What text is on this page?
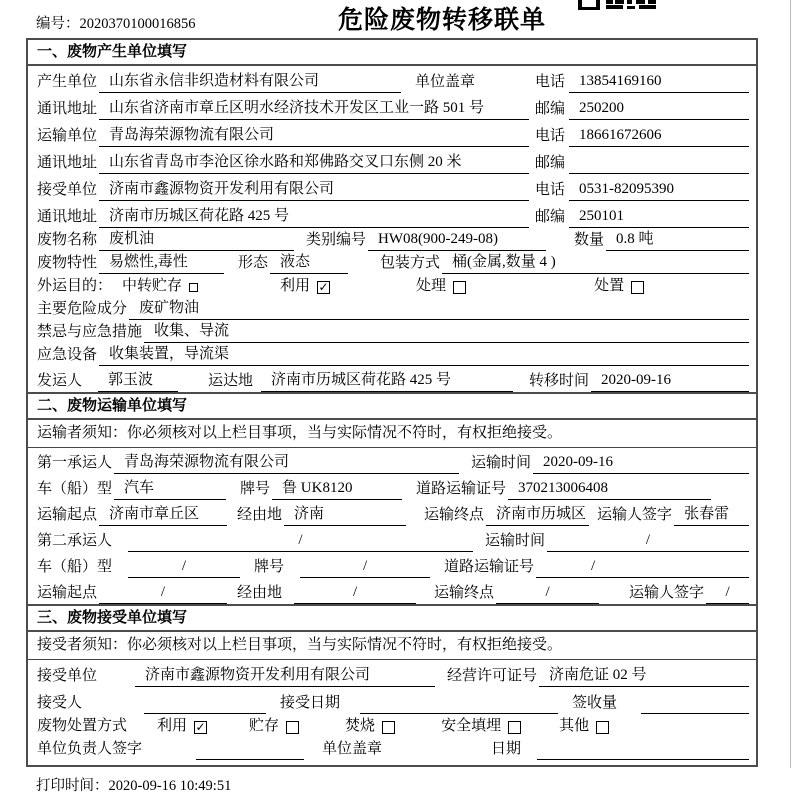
编号：2020370100016856	危险废物转移联单
一、废物产生单位填写
产生单位 山东省永信非织造材料有限公司	单位盖章	电话 13854169160
通讯地址 山东省济南市章丘区明水经济技术开发区工业一路 501 号	邮编 250200
运输单位 青岛海荣源物流有限公司	电话 18661672606
通讯地址 山东省青岛市李沧区徐水路和郑佛路交叉口东侧 20 米	邮编
接受单位 济南市鑫源物资开发利用有限公司	电话 0531-82095390
通讯地址 济南市历城区荷花路 425 号	邮编 250101
废物名称 废机油	类别编号 HW08(900-249-08)	数量 0.8 吨
废物特性 易燃性,毒性	形态 液态	包装方式 桶(金属,数量 4 )
外运目的： 中转贮存	利用 ✓	处理	处置
主要危险成分 废矿物油
禁忌与应急措施 收集、导流
应急设备 收集装置，导流渠
发运人	郭玉波	运达地	济南市历城区荷花路 425 号	转移时间 2020-09-16
二、废物运输单位填写
运输者须知：你必须核对以上栏目事项，当与实际情况不符时，有权拒绝接受。
第一承运人 青岛海荣源物流有限公司	运输时间 2020-09-16
车（船）型 汽车	牌号 鲁 UK8120	道路运输证号 370213006408
运输起点 济南市章丘区	经由地 济南	运输终点 济南市历城区 运输人签字 张春雷
第二承运人	/	运输时间	/
车（船）型	/	牌号	/	道路运输证号	/
运输起点	/	经由地	/	运输终点	/	运输人签字	/
三、废物接受单位填写
接受者须知：你必须核对以上栏目事项，当与实际情况不符时，有权拒绝接受。
接受单位	济南市鑫源物资开发利用有限公司	经营许可证号 济南危证 02 号
接受人	接受日期	签收量
废物处置方式 利用 ✓	贮存	焚烧	安全填埋	其他
单位负责人签字	单位盖章	日期
打印时间：2020-09-16 10:49:51
